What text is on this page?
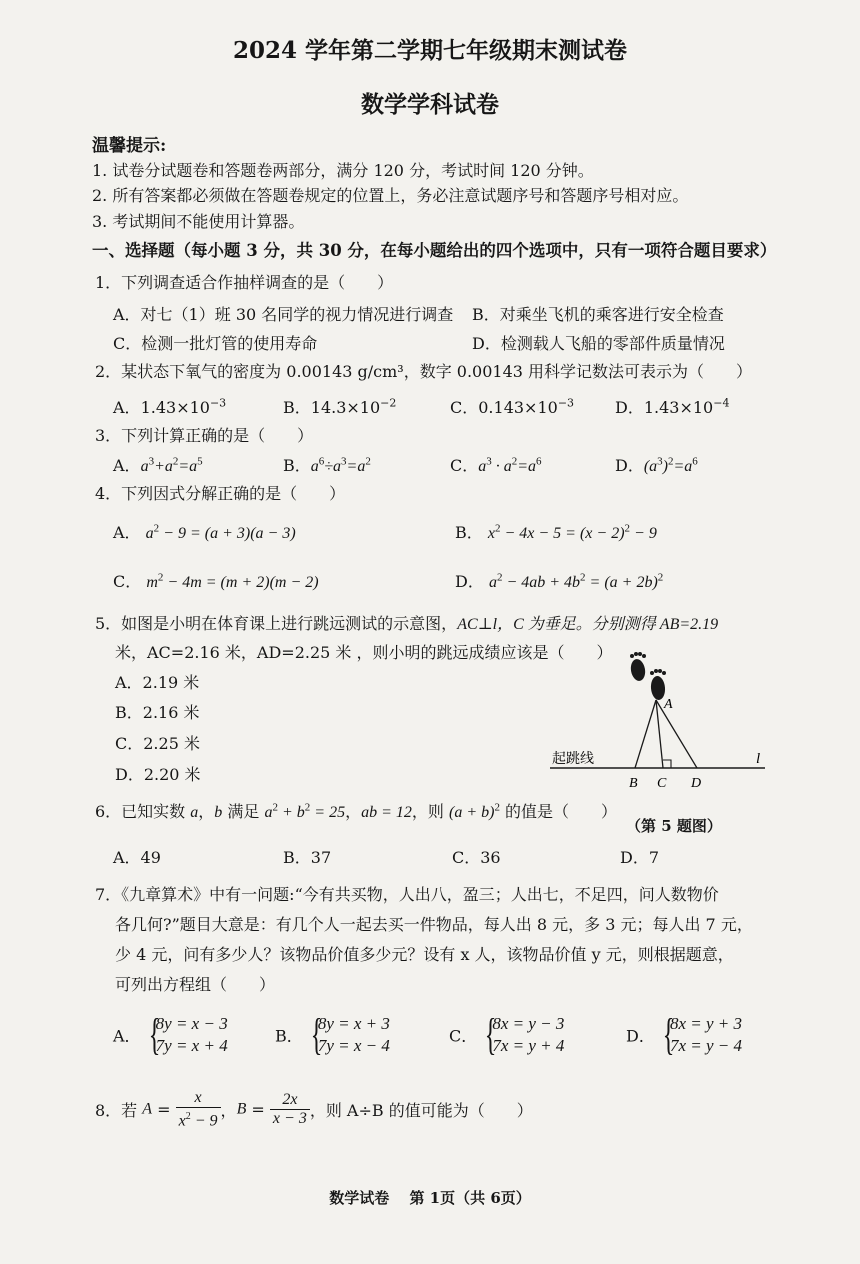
2024 学年第二学期七年级期末测试卷
数学学科试卷
温馨提示:
1. 试卷分试题卷和答题卷两部分，满分 120 分，考试时间 120 分钟。
2. 所有答案都必须做在答题卷规定的位置上，务必注意试题序号和答题序号相对应。
3. 考试期间不能使用计算器。
一、选择题（每小题 3 分，共 30 分，在每小题给出的四个选项中，只有一项符合题目要求）
1．下列调查适合作抽样调查的是（　　）
A．对七（1）班 30 名同学的视力情况进行调查 B．对乘坐飞机的乘客进行安全检查
C．检测一批灯管的使用寿命	D．检测载人飞船的零部件质量情况
2．某状态下氧气的密度为 0.00143 g/cm³，数字 0.00143 用科学记数法可表示为（　　）
A．$1.43\times 10^{-3}$	B．$14.3\times 10^{-2}$	C．$0.143\times 10^{-3}$	D．$1.43\times 10^{-4}$
3．下列计算正确的是（　　）
A．$a^3+a^2=a^5$	B．$a^6\div a^3=a^2$	C．$a^3 \cdot a^2=a^6$	D．$(a^3)^2=a^6$
4．下列因式分解正确的是（　　）
A． $a^2 - 9 = (a + 3)(a - 3)$	B． $x^2 - 4x - 5 = (x - 2)^2 - 9$
C． $m^2 - 4m = (m + 2)(m - 2)$	D． $a^2 - 4ab + 4b^2 = (a + 2b)^2$
5．如图是小明在体育课上进行跳远测试的示意图，AC⊥l，C 为垂足。分别测得 AB=2.19
米，AC=2.16 米，AD=2.25 米 ，则小明的跳远成绩应该是（　　）
A．2.19 米
B．2.16 米
C．2.25 米
D．2.20 米
A
B C D
起跳线	l
（第 5 题图）
6．已知实数 a，b 满足 $a^2 + b^2 = 25$，ab = 12，则 $(a + b)^2$ 的值是（　　）
A．49	B．37	C．36	D．7
7．《九章算术》中有一问题:“今有共买物，人出八，盈三；人出七，不足四，问人数物价
各几何?”题目大意是：有几个人一起去买一件物品，每人出 8 元，多 3 元；每人出 7 元，
少 4 元，问有多少人？该物品价值多少元？设有 x 人，该物品价值 y 元，则根据题意，
可列出方程组（　　）
A． {
8y = x − 3
7y = x + 4	B． {
8y = x + 3
7y = x − 4	C． {
8x = y − 3
7x = y + 4	D． {
8x = y + 3
7x = y − 4
8．若 $A = \frac{x}{x^2 - 9}$ ，$B = \frac{2x}{x - 3}$ ，则 A÷B 的值可能为（　　）
数学试卷　 第 1页（共 6页）
